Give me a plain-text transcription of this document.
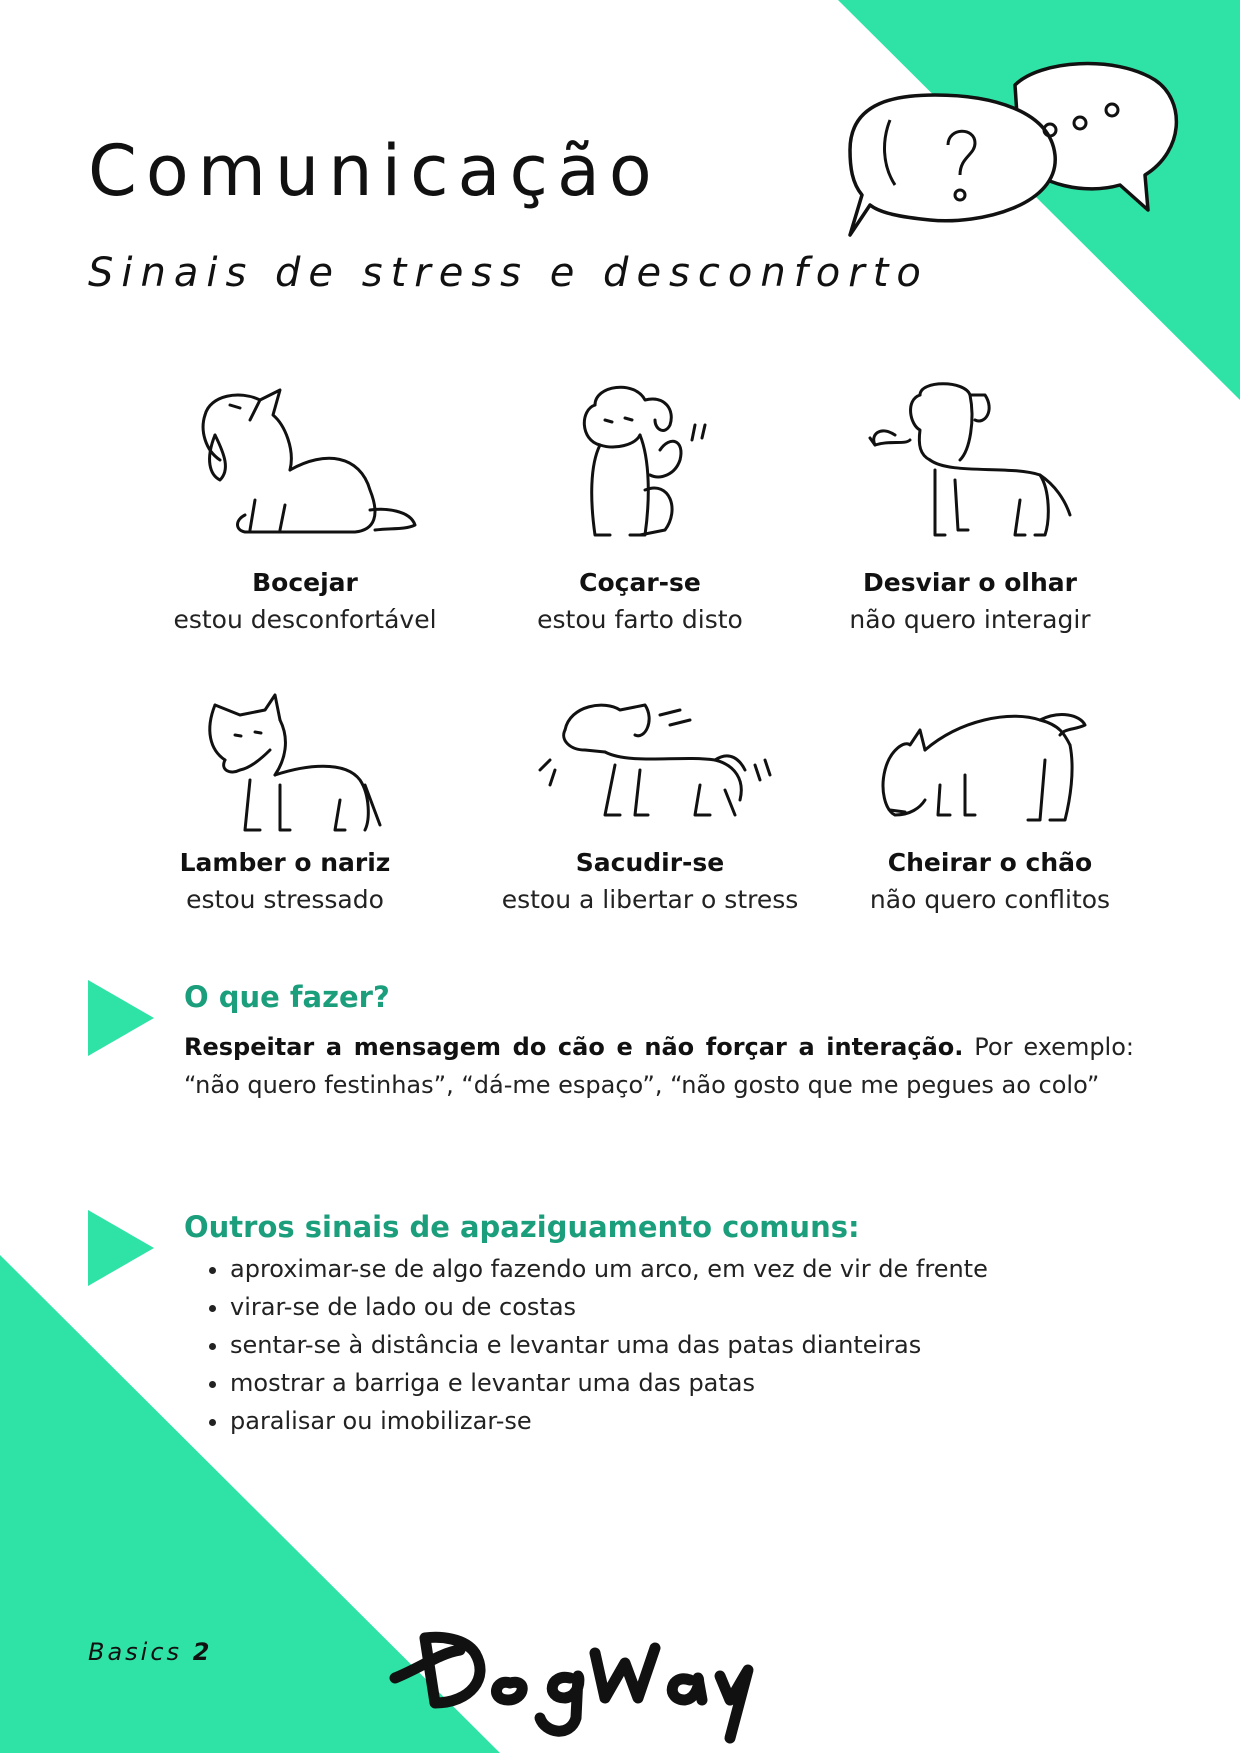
Comunicação
Sinais de stress e desconforto
Bocejar
estou desconfortável
Coçar-se
estou farto disto
Desviar o olhar
não quero interagir
Lamber o nariz
estou stressado
Sacudir-se
estou a libertar o stress
Cheirar o chão
não quero conflitos
O que fazer?

Respeitar a mensagem do cão e não forçar a interação. Por exemplo: “não quero festinhas”, “dá-me espaço”, “não gosto que me pegues ao colo”

Outros sinais de apaziguamento comuns:
• aproximar-se de algo fazendo um arco, em vez de vir de frente
• virar-se de lado ou de costas
• sentar-se à distância e levantar uma das patas dianteiras
• mostrar a barriga e levantar uma das patas
• paralisar ou imobilizar-se
Basics 2
